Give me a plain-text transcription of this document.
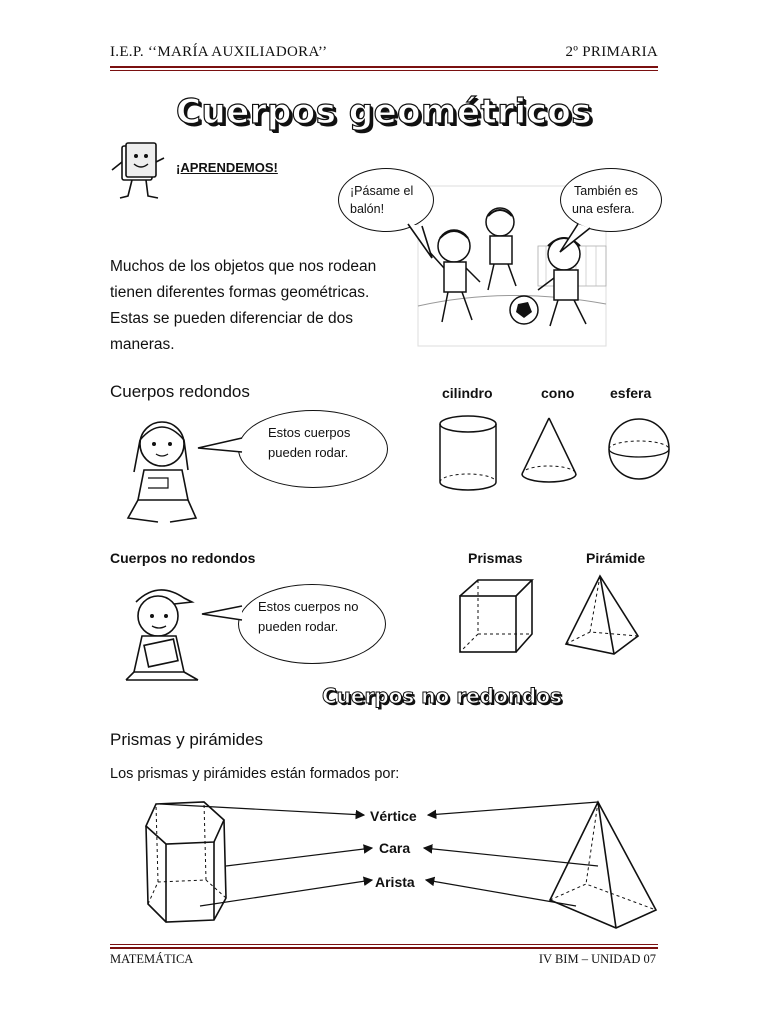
I.E.P. ‘‘MARÍA AUXILIADORA’’	2º PRIMARIA
Cuerpos geométricos
¡APRENDEMOS!
¡Pásame el
balón!
También es
una esfera.
Muchos de los objetos que nos rodean
tienen diferentes formas geométricas.
Estas se pueden diferenciar de dos
maneras.
Cuerpos redondos	cilindro	cono	esfera
Estos cuerpos
pueden rodar.
Cuerpos no redondos	Prismas	Pirámide
Estos cuerpos no
pueden rodar.
Cuerpos no redondos
Prismas y pirámides
Los prismas y pirámides están formados por:
Vértice
Cara
Arista
MATEMÁTICA	IV BIM – UNIDAD 07
